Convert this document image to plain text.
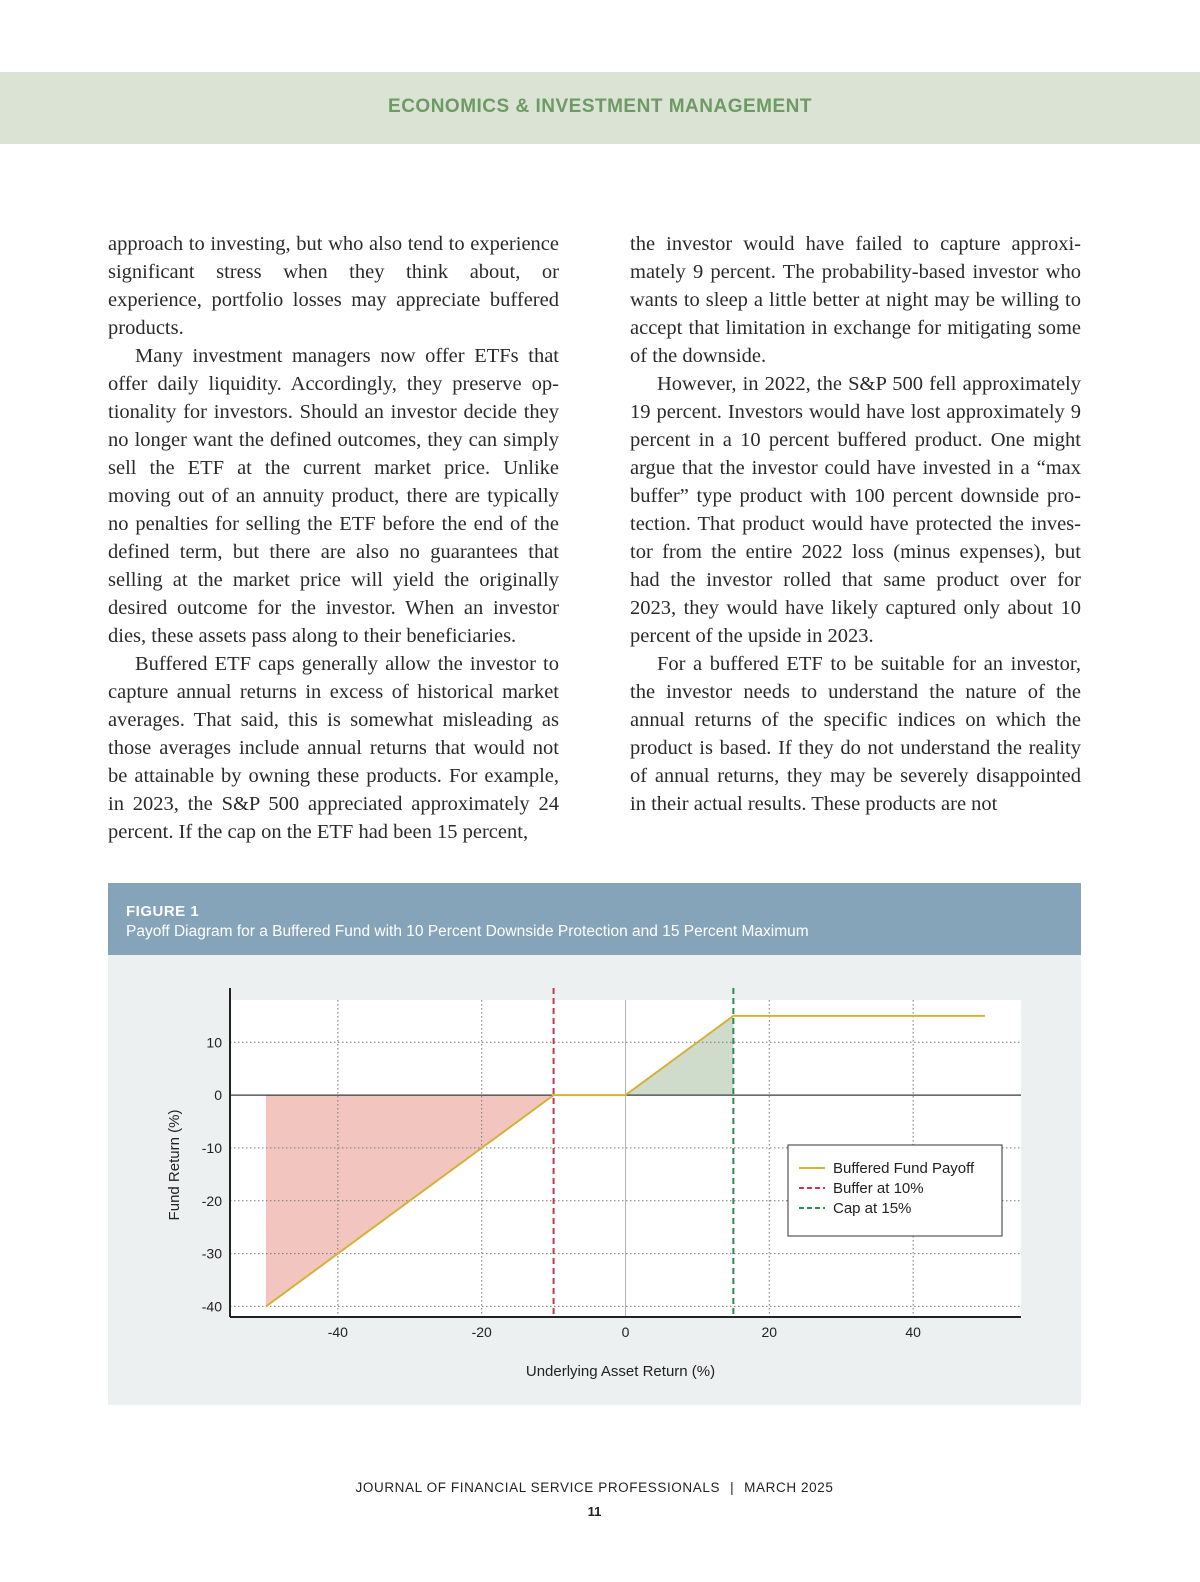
ECONOMICS & INVESTMENT MANAGEMENT

approach to investing, but who also tend to experience significant stress when they think about, or experience, portfolio losses may appreciate buffered products.

Many investment managers now offer ETFs that offer daily liquidity. Accordingly, they preserve optionality for investors. Should an investor decide they no longer want the defined outcomes, they can simply sell the ETF at the current market price. Unlike moving out of an annuity product, there are typically no penalties for selling the ETF before the end of the defined term, but there are also no guarantees that selling at the market price will yield the originally desired outcome for the investor. When an investor dies, these assets pass along to their beneficiaries.

Buffered ETF caps generally allow the investor to capture annual returns in excess of historical market averages. That said, this is somewhat misleading as those averages include annual returns that would not be attainable by owning these products. For example, in 2023, the S&P 500 appreciated approximately 24 percent. If the cap on the ETF had been 15 percent,

the investor would have failed to capture approximately 9 percent. The probability-based investor who wants to sleep a little better at night may be willing to accept that limitation in exchange for mitigating some of the downside.

However, in 2022, the S&P 500 fell approximately 19 percent. Investors would have lost approximately 9 percent in a 10 percent buffered product. One might argue that the investor could have invested in a “max buffer” type product with 100 percent downside protection. That product would have protected the investor from the entire 2022 loss (minus expenses), but had the investor rolled that same product over for 2023, they would have likely captured only about 10 percent of the upside in 2023.

For a buffered ETF to be suitable for an investor, the investor needs to understand the nature of the annual returns of the specific indices on which the product is based. If they do not understand the reality of annual returns, they may be severely disappointed in their actual results. These products are not

FIGURE 1
Payoff Diagram for a Buffered Fund with 10 Percent Downside Protection and 15 Percent Maximum
10
0
-10
-20
-30
-40
-40	-20	0	20	40
Underlying Asset Return (%)
Fund Return (%)	Buffered Fund Payoff
Buffer at 10%
Cap at 15%
JOURNAL OF FINANCIAL SERVICE PROFESSIONALS | MARCH 2025
11
